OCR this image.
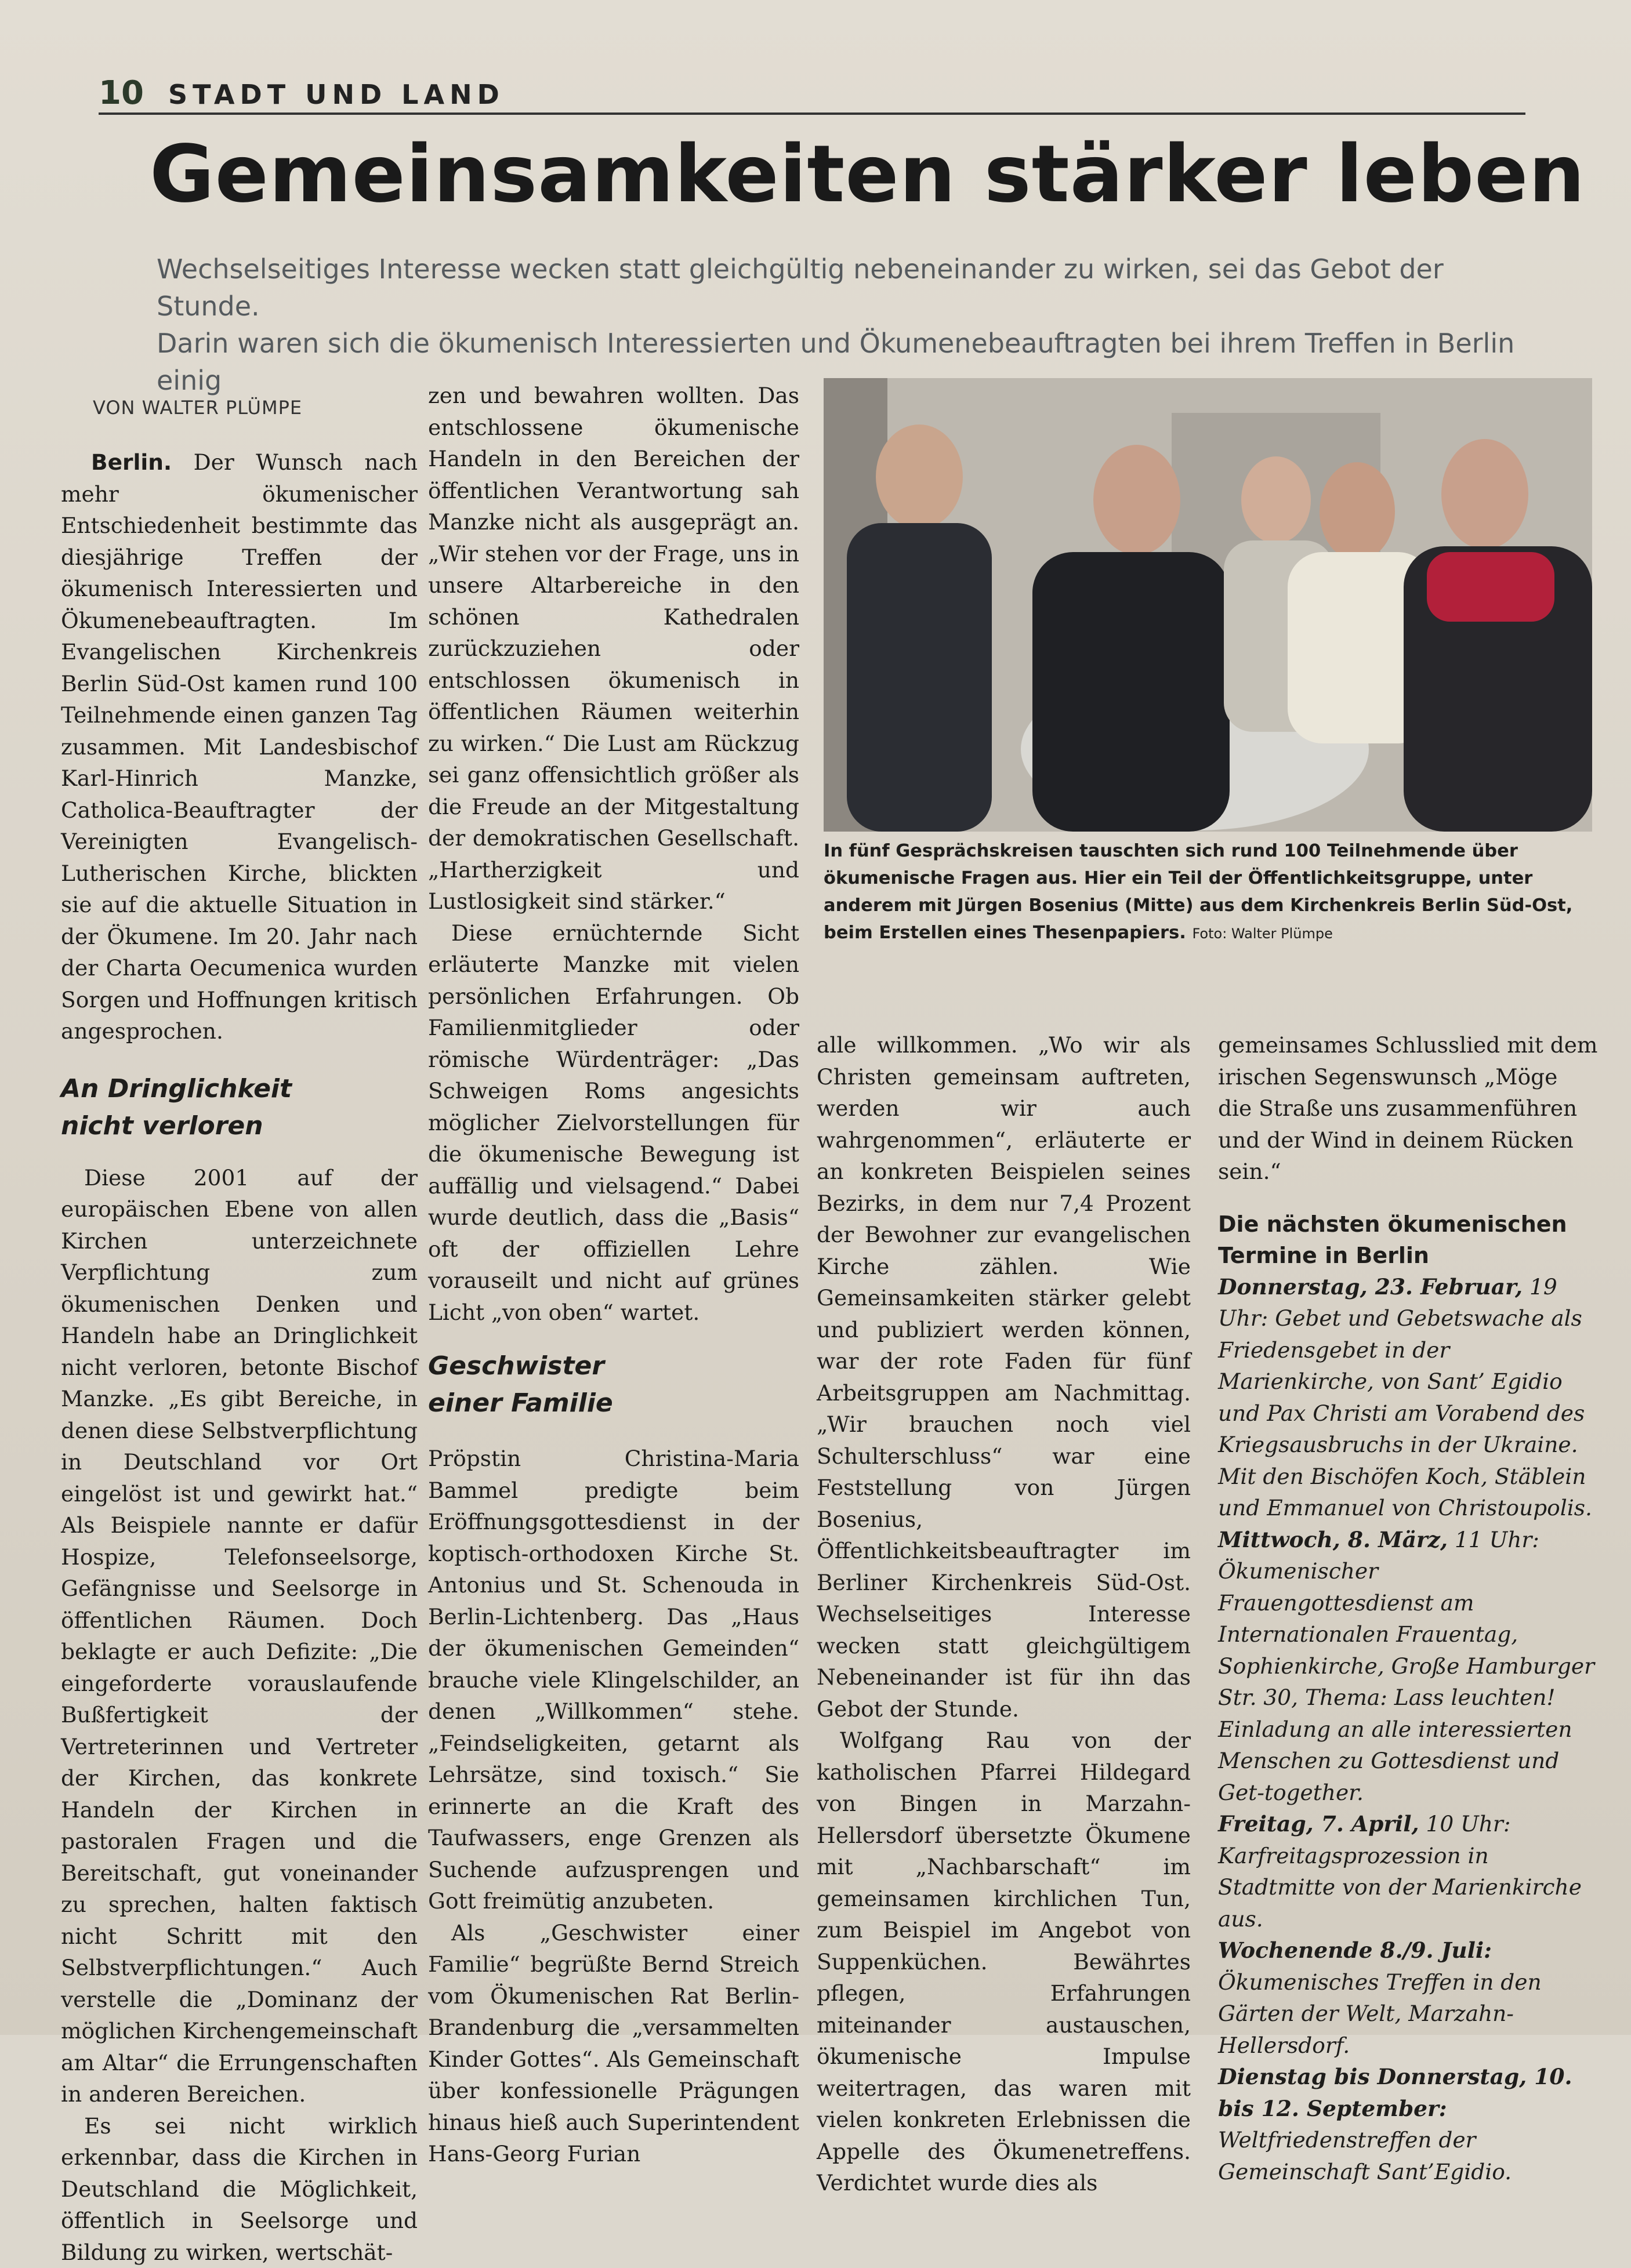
10 STADT UND LAND
Gemeinsamkeiten stärker leben
Wechselseitiges Interesse wecken statt gleichgültig nebeneinander zu wirken, sei das Gebot der Stunde.
Darin waren sich die ökumenisch Interessierten und Ökumenebeauftragten bei ihrem Treffen in Berlin einig
VON WALTER PLÜMPE

Berlin. Der Wunsch nach mehr ökumenischer Entschiedenheit bestimmte das diesjährige Treffen der ökumenisch Interessierten und Ökumenebeauftragten. Im Evangelischen Kirchenkreis Berlin Süd-Ost kamen rund 100 Teilnehmende einen ganzen Tag zusammen. Mit Landesbischof Karl-Hinrich Manzke, Catholica-Beauftragter der Vereinigten Evangelisch-Lutherischen Kirche, blickten sie auf die aktuelle Situation in der Ökumene. Im 20. Jahr nach der Charta Oecumenica wurden Sorgen und Hoffnungen kritisch angesprochen.

An Dringlichkeit
nicht verloren

Diese 2001 auf der europäischen Ebene von allen Kirchen unterzeichnete Verpflichtung zum ökumenischen Denken und Handeln habe an Dringlichkeit nicht verloren, betonte Bischof Manzke. „Es gibt Bereiche, in denen diese Selbstverpflichtung in Deutschland vor Ort eingelöst ist und gewirkt hat.“ Als Beispiele nannte er dafür Hospize, Telefonseelsorge, Gefängnisse und Seelsorge in öffentlichen Räumen. Doch beklagte er auch Defizite: „Die eingeforderte vorauslaufende Bußfertigkeit der Vertreterinnen und Vertreter der Kirchen, das konkrete Handeln der Kirchen in pastoralen Fragen und die Bereitschaft, gut voneinander zu sprechen, halten faktisch nicht Schritt mit den Selbstverpflichtungen.“ Auch verstelle die „Dominanz der möglichen Kirchengemeinschaft am Altar“ die Errungenschaften in anderen Bereichen.

Es sei nicht wirklich erkennbar, dass die Kirchen in Deutschland die Möglichkeit, öffentlich in Seelsorge und Bildung zu wirken, wertschät-

zen und bewahren wollten. Das entschlossene ökumenische Handeln in den Bereichen der öffentlichen Verantwortung sah Manzke nicht als ausgeprägt an. „Wir stehen vor der Frage, uns in unsere Altarbereiche in den schönen Kathedralen zurückzuziehen oder entschlossen ökumenisch in öffentlichen Räumen weiterhin zu wirken.“ Die Lust am Rückzug sei ganz offensichtlich größer als die Freude an der Mitgestaltung der demokratischen Gesellschaft. „Hartherzigkeit und Lustlosigkeit sind stärker.“

Diese ernüchternde Sicht erläuterte Manzke mit vielen persönlichen Erfahrungen. Ob Familienmitglieder oder römische Würdenträger: „Das Schweigen Roms angesichts möglicher Zielvorstellungen für die ökumenische Bewegung ist auffällig und vielsagend.“ Dabei wurde deutlich, dass die „Basis“ oft der offiziellen Lehre vorauseilt und nicht auf grünes Licht „von oben“ wartet.

Geschwister
einer Familie

Pröpstin Christina-Maria Bammel predigte beim Eröffnungsgottesdienst in der koptisch-orthodoxen Kirche St. Antonius und St. Schenouda in Berlin-Lichtenberg. Das „Haus der ökumenischen Gemeinden“ brauche viele Klingelschilder, an denen „Willkommen“ stehe. „Feindseligkeiten, getarnt als Lehrsätze, sind toxisch.“ Sie erinnerte an die Kraft des Taufwassers, enge Grenzen als Suchende aufzusprengen und Gott freimütig anzubeten.

Als „Geschwister einer Familie“ begrüßte Bernd Streich vom Ökumenischen Rat Berlin-Brandenburg die „versammelten Kinder Gottes“. Als Gemeinschaft über konfessionelle Prägungen hinaus hieß auch Superintendent Hans-Georg Furian

In fünf Gesprächskreisen tauschten sich rund 100 Teilnehmende über ökumenische Fragen aus. Hier ein Teil der Öffentlichkeitsgruppe, unter anderem mit Jürgen Bosenius (Mitte) aus dem Kirchenkreis Berlin Süd-Ost, beim Erstellen eines Thesenpapiers. Foto: Walter Plümpe

alle willkommen. „Wo wir als Christen gemeinsam auftreten, werden wir auch wahrgenommen“, erläuterte er an konkreten Beispielen seines Bezirks, in dem nur 7,4 Prozent der Bewohner zur evangelischen Kirche zählen. Wie Gemeinsamkeiten stärker gelebt und publiziert werden können, war der rote Faden für fünf Arbeitsgruppen am Nachmittag. „Wir brauchen noch viel Schulterschluss“ war eine Feststellung von Jürgen Bosenius, Öffentlichkeitsbeauftragter im Berliner Kirchenkreis Süd-Ost. Wechselseitiges Interesse wecken statt gleichgültigem Nebeneinander ist für ihn das Gebot der Stunde.

Wolfgang Rau von der katholischen Pfarrei Hildegard von Bingen in Marzahn-Hellersdorf übersetzte Ökumene mit „Nachbarschaft“ im gemeinsamen kirchlichen Tun, zum Beispiel im Angebot von Suppenküchen. Bewährtes pflegen, Erfahrungen miteinander austauschen, ökumenische Impulse weitertragen, das waren mit vielen konkreten Erlebnissen die Appelle des Ökumenetreffens. Verdichtet wurde dies als

gemeinsames Schlusslied mit dem irischen Segenswunsch „Möge die Straße uns zusammenführen und der Wind in deinem Rücken sein.“

Die nächsten ökumenischen
Termine in Berlin

Donnerstag, 23. Februar, 19 Uhr: Gebet und Gebetswache als Friedensgebet in der Marienkirche, von Sant’ Egidio und Pax Christi am Vorabend des Kriegsausbruchs in der Ukraine. Mit den Bischöfen Koch, Stäblein und Emmanuel von Christoupolis.

Mittwoch, 8. März, 11 Uhr: Ökumenischer Frauengottesdienst am Internationalen Frauentag, Sophienkirche, Große Hamburger Str. 30, Thema: Lass leuchten! Einladung an alle interessierten Menschen zu Gottesdienst und Get-together.

Freitag, 7. April, 10 Uhr: Karfreitagsprozession in Stadtmitte von der Marienkirche aus.

Wochenende 8./9. Juli: Ökumenisches Treffen in den Gärten der Welt, Marzahn-Hellersdorf.

Dienstag bis Donnerstag, 10. bis 12. September: Weltfriedenstreffen der Gemeinschaft Sant’Egidio.
